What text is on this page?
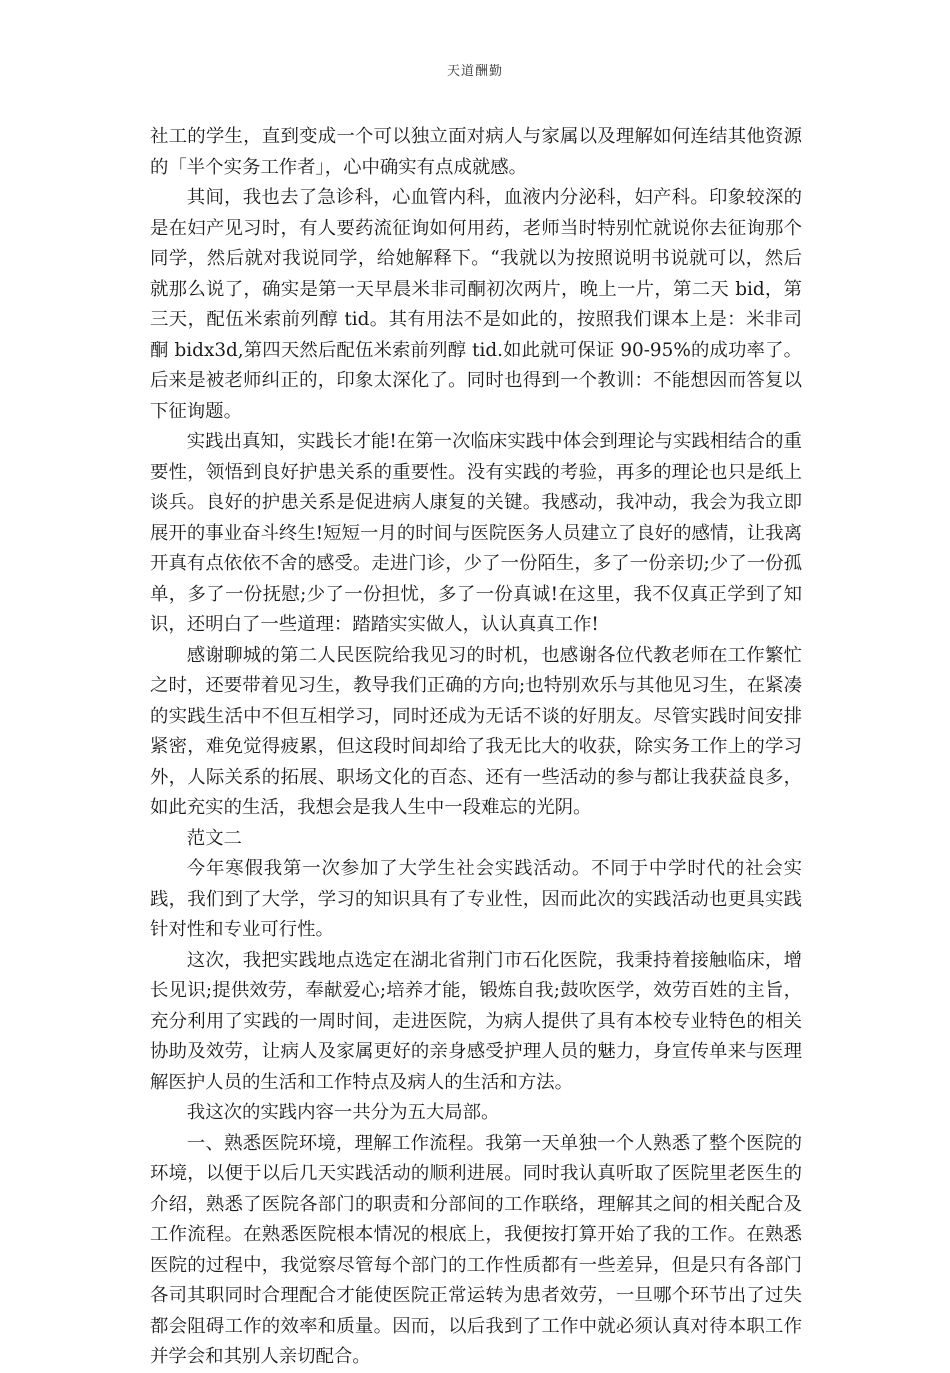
天道酬勤

社工的学生，直到变成一个可以独立面对病人与家属以及理解如何连结其他资源的「半个实务工作者」，心中确实有点成就感。

其间，我也去了急诊科，心血管内科，血液内分泌科，妇产科。印象较深的是在妇产见习时，有人要药流征询如何用药，老师当时特别忙就说你去征询那个同学，然后就对我说同学，给她解释下。“我就以为按照说明书说就可以，然后就那么说了，确实是第一天早晨米非司酮初次两片，晚上一片，第二天 bid，第三天，配伍米索前列醇 tid。其有用法不是如此的，按照我们课本上是：米非司酮 bidx3d,第四天然后配伍米索前列醇 tid.如此就可保证 90-95%的成功率了。后来是被老师纠正的，印象太深化了。同时也得到一个教训：不能想因而答复以下征询题。

实践出真知，实践长才能!在第一次临床实践中体会到理论与实践相结合的重要性，领悟到良好护患关系的重要性。没有实践的考验，再多的理论也只是纸上谈兵。良好的护患关系是促进病人康复的关键。我感动，我冲动，我会为我立即展开的事业奋斗终生!短短一月的时间与医院医务人员建立了良好的感情，让我离开真有点依依不舍的感受。走进门诊，少了一份陌生，多了一份亲切;少了一份孤单，多了一份抚慰;少了一份担忧，多了一份真诚!在这里，我不仅真正学到了知识，还明白了一些道理：踏踏实实做人，认认真真工作!

感谢聊城的第二人民医院给我见习的时机，也感谢各位代教老师在工作繁忙之时，还要带着见习生，教导我们正确的方向;也特别欢乐与其他见习生，在紧凑的实践生活中不但互相学习，同时还成为无话不谈的好朋友。尽管实践时间安排紧密，难免觉得疲累，但这段时间却给了我无比大的收获，除实务工作上的学习外，人际关系的拓展、职场文化的百态、还有一些活动的参与都让我获益良多，如此充实的生活，我想会是我人生中一段难忘的光阴。

范文二

今年寒假我第一次参加了大学生社会实践活动。不同于中学时代的社会实践，我们到了大学，学习的知识具有了专业性，因而此次的实践活动也更具实践针对性和专业可行性。

这次，我把实践地点选定在湖北省荆门市石化医院，我秉持着接触临床，增长见识;提供效劳，奉献爱心;培养才能，锻炼自我;鼓吹医学，效劳百姓的主旨，充分利用了实践的一周时间，走进医院，为病人提供了具有本校专业特色的相关协助及效劳，让病人及家属更好的亲身感受护理人员的魅力，身宣传单来与医理解医护人员的生活和工作特点及病人的生活和方法。

我这次的实践内容一共分为五大局部。

一、熟悉医院环境，理解工作流程。我第一天单独一个人熟悉了整个医院的环境，以便于以后几天实践活动的顺利进展。同时我认真听取了医院里老医生的介绍，熟悉了医院各部门的职责和分部间的工作联络，理解其之间的相关配合及工作流程。在熟悉医院根本情况的根底上，我便按打算开始了我的工作。在熟悉医院的过程中，我觉察尽管每个部门的工作性质都有一些差异，但是只有各部门各司其职同时合理配合才能使医院正常运转为患者效劳，一旦哪个环节出了过失都会阻碍工作的效率和质量。因而，以后我到了工作中就必须认真对待本职工作并学会和其别人亲切配合。
